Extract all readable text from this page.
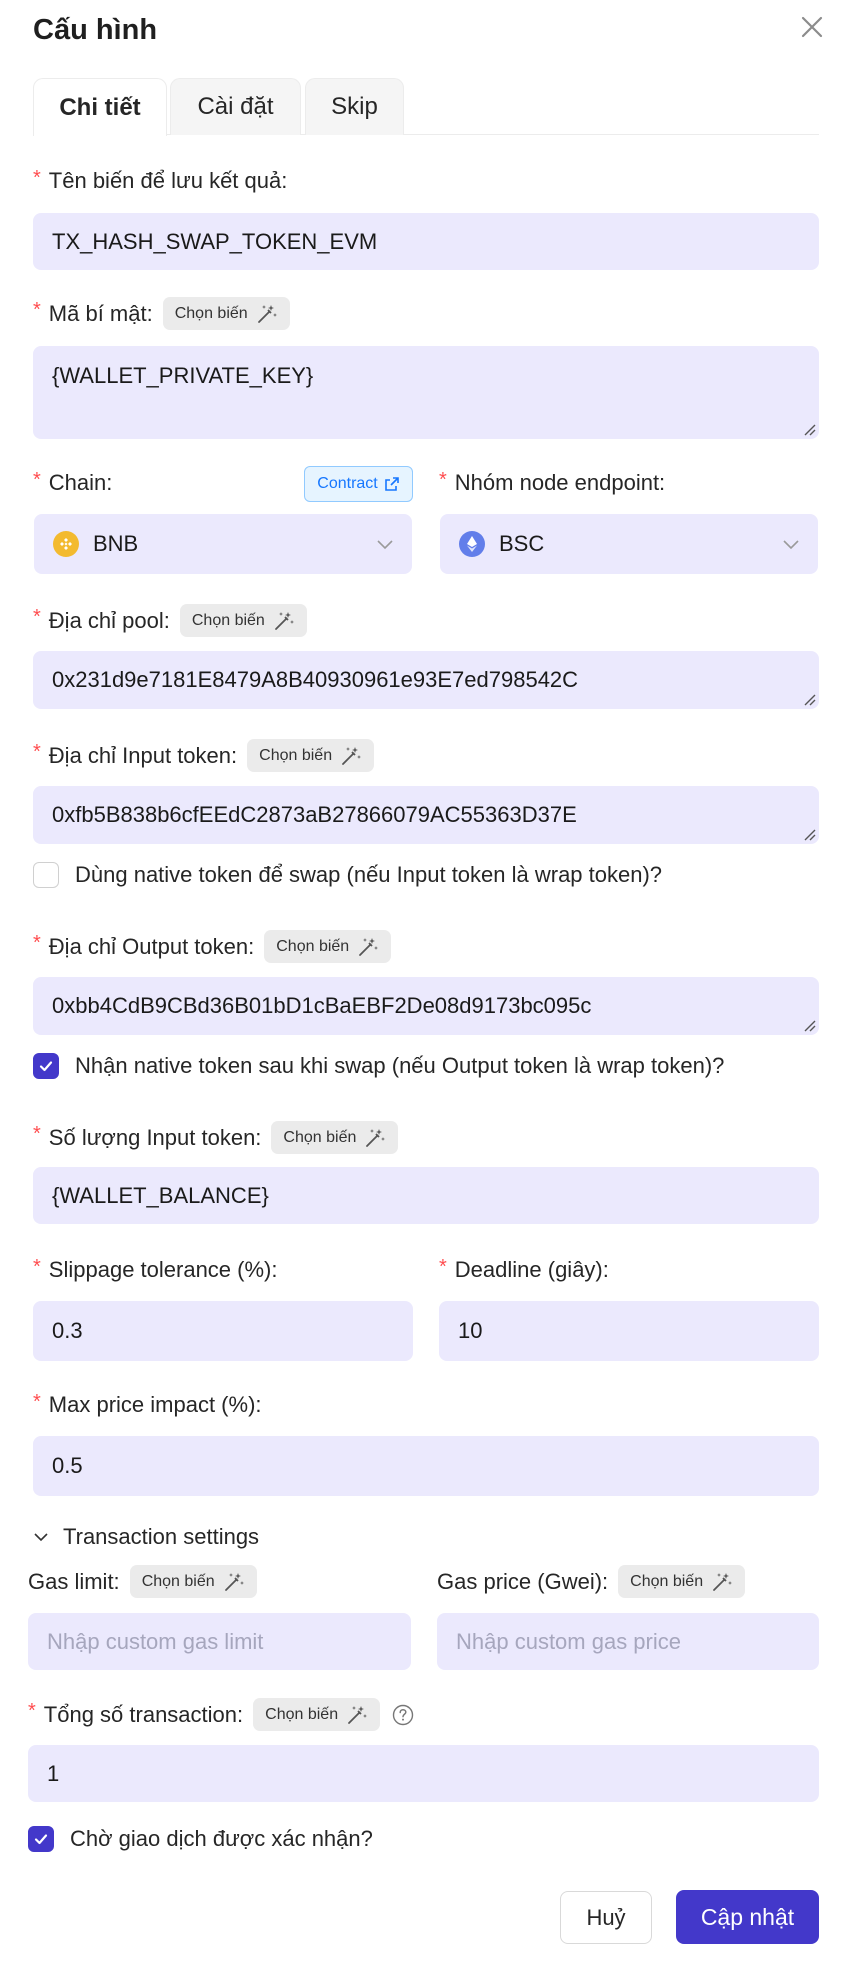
Cấu hình
Chi tiết	Cài đặt	Skip
* Tên biến để lưu kết quả:
TX_HASH_SWAP_TOKEN_EVM
* Mã bí mật: Chọn biến
{WALLET_PRIVATE_KEY}
* Chain:	Contract	* Nhóm node endpoint:
BNB	BSC
* Địa chỉ pool: Chọn biến
0x231d9e7181E8479A8B40930961e93E7ed798542C
* Địa chỉ Input token: Chọn biến
0xfb5B838b6cfEEdC2873aB27866079AC55363D37E
Dùng native token để swap (nếu Input token là wrap token)?
* Địa chỉ Output token: Chọn biến
0xbb4CdB9CBd36B01bD1cBaEBF2De08d9173bc095c
Nhận native token sau khi swap (nếu Output token là wrap token)?
* Số lượng Input token: Chọn biến
{WALLET_BALANCE}
* Slippage tolerance (%):	* Deadline (giây):
0.3	10
* Max price impact (%):
0.5
Transaction settings
Gas limit: Chọn biến	Gas price (Gwei): Chọn biến
Nhập custom gas limit	Nhập custom gas price
* Tổng số transaction: Chọn biến
1
Chờ giao dịch được xác nhận?
Huỷ	Cập nhật
